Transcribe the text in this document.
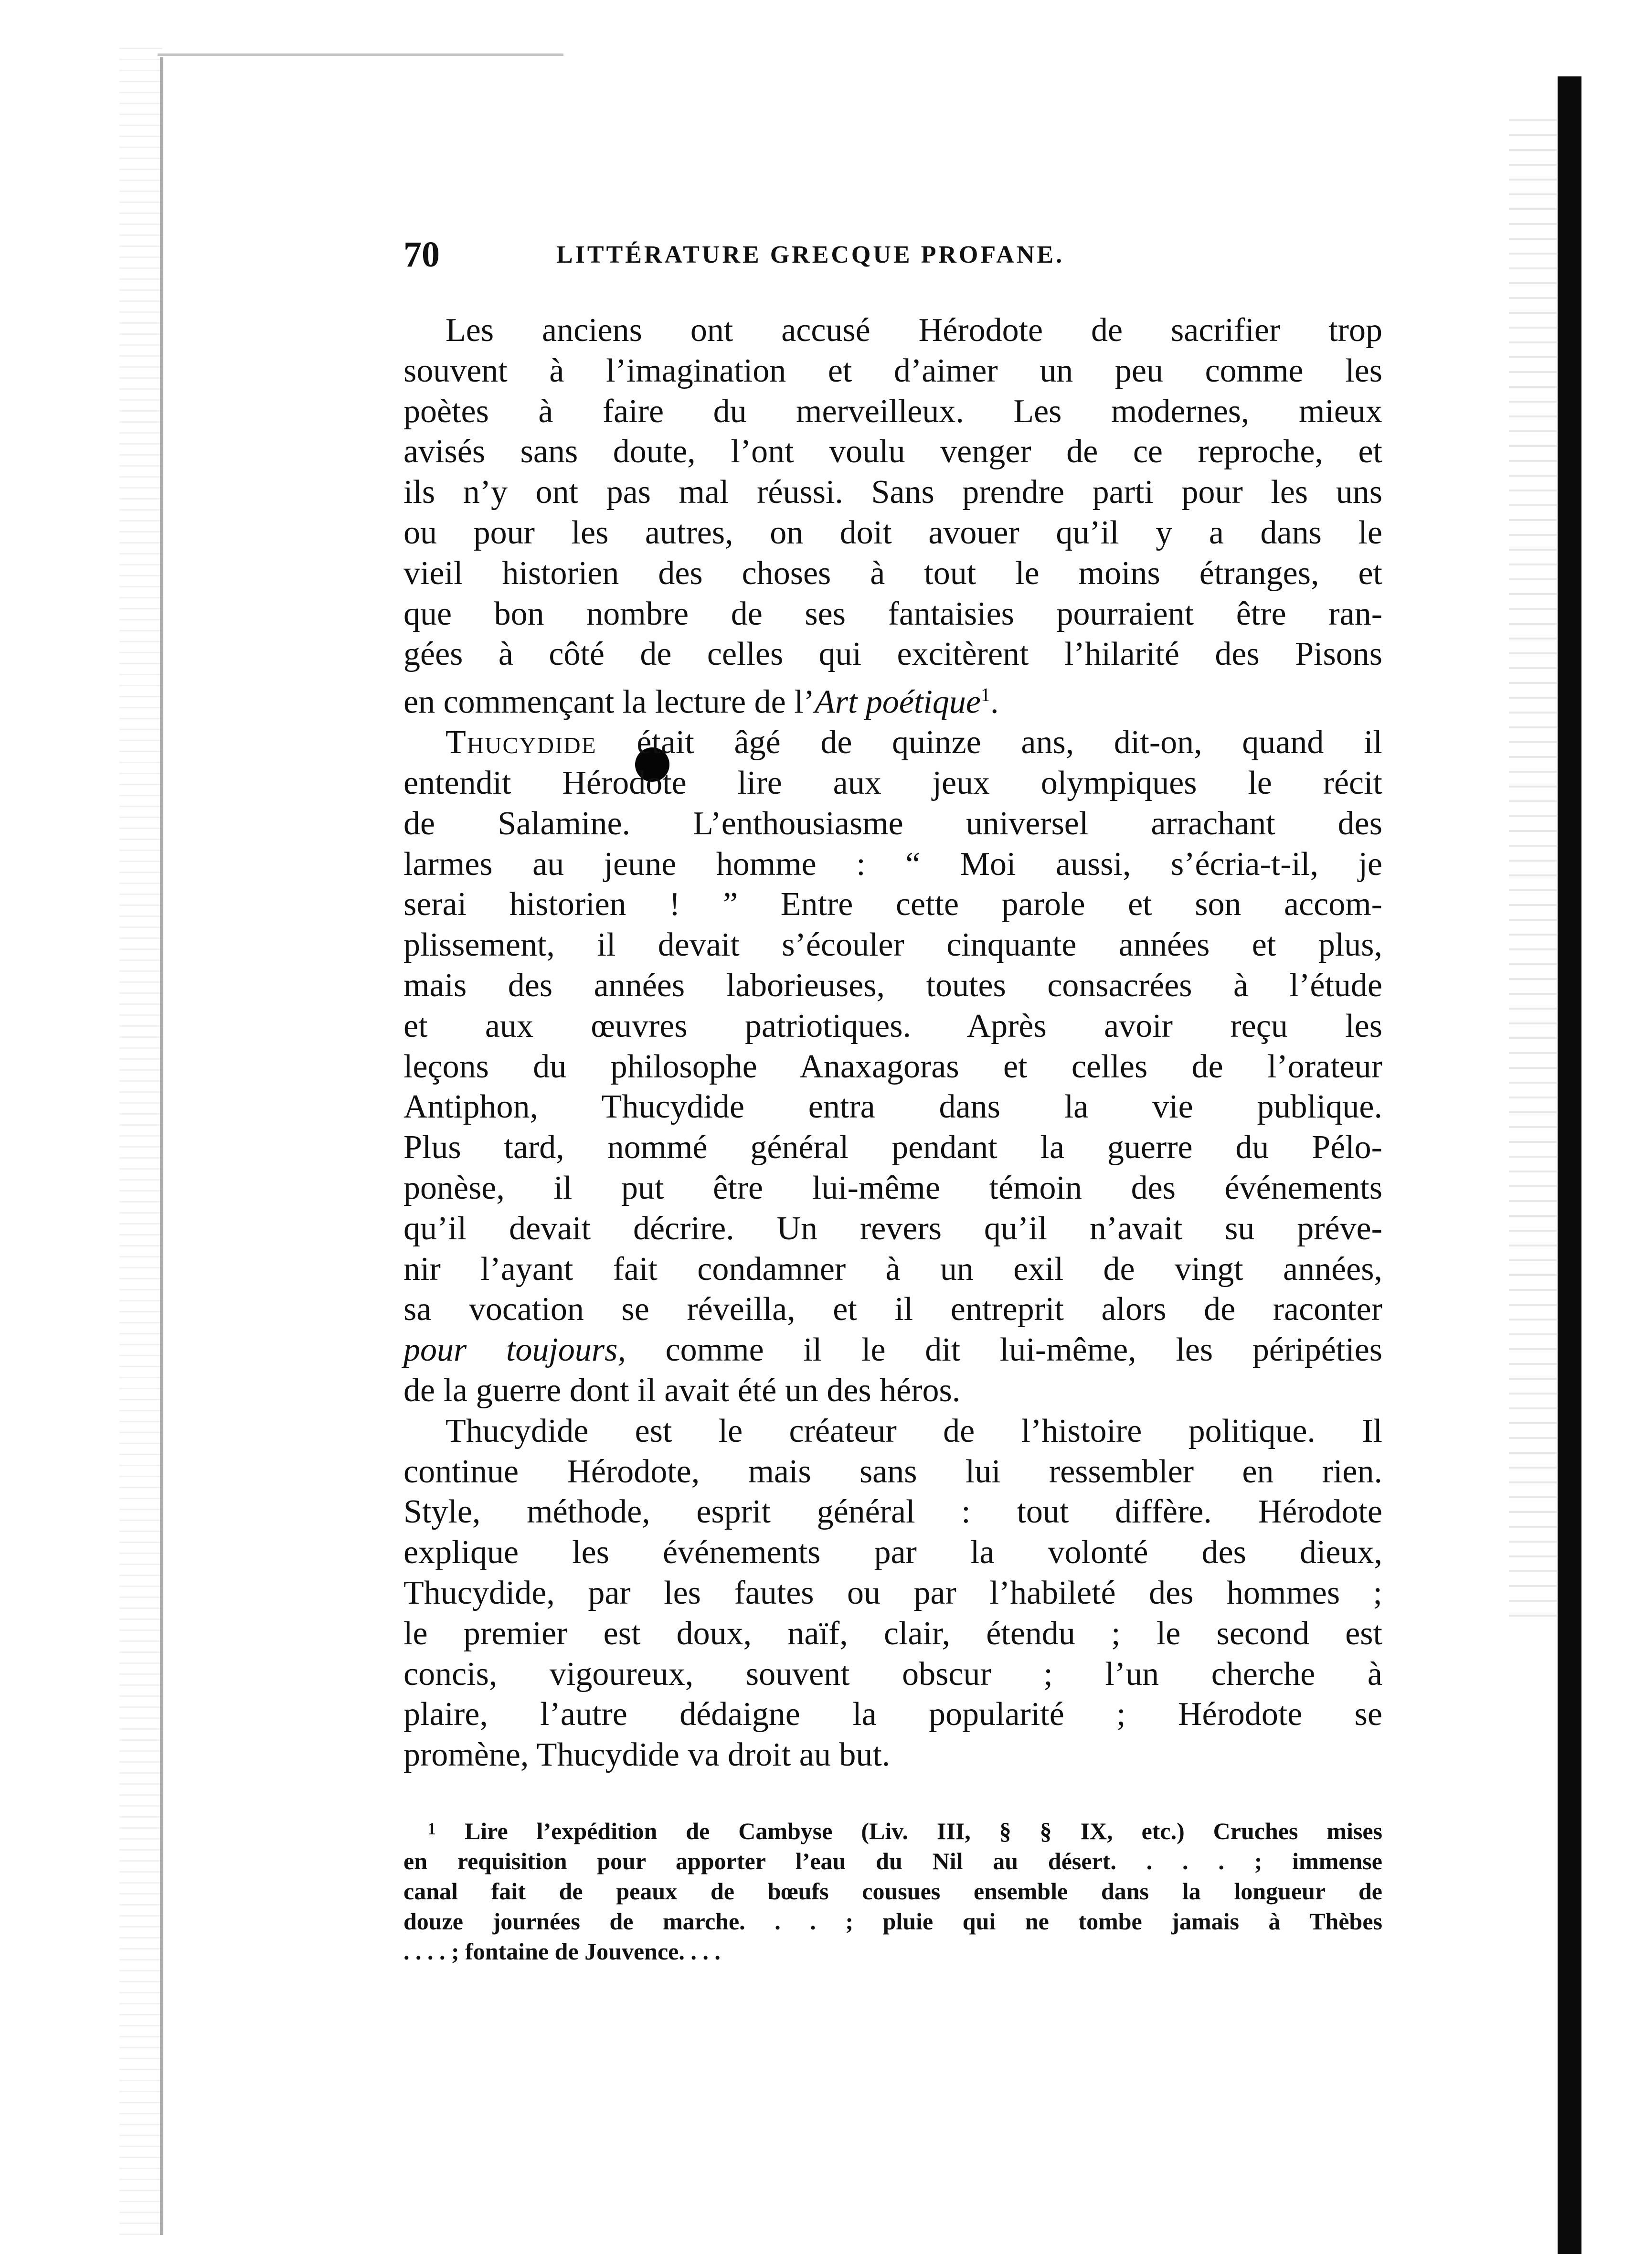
70	LITTÉRATURE GRECQUE PROFANE.

Les anciens ont accusé Hérodote de sacrifier trop
souvent à l’imagination et d’aimer un peu comme les
poètes à faire du merveilleux. Les modernes, mieux
avisés sans doute, l’ont voulu venger de ce reproche, et
ils n’y ont pas mal réussi. Sans prendre parti pour les uns
ou pour les autres, on doit avouer qu’il y a dans le
vieil historien des choses à tout le moins étranges, et
que bon nombre de ses fantaisies pourraient être ran-
gées à côté de celles qui excitèrent l’hilarité des Pisons
en commençant la lecture de l’Art poétique$^1$.

Thucydide était âgé de quinze ans, dit-on, quand il
entendit Hérodote lire aux jeux olympiques le récit
de Salamine. L’enthousiasme universel arrachant des
larmes au jeune homme : “ Moi aussi, s’écria-t-il, je
serai historien ! ” Entre cette parole et son accom-
plissement, il devait s’écouler cinquante années et plus,
mais des années laborieuses, toutes consacrées à l’étude
et aux œuvres patriotiques. Après avoir reçu les
leçons du philosophe Anaxagoras et celles de l’orateur
Antiphon, Thucydide entra dans la vie publique.
Plus tard, nommé général pendant la guerre du Pélo-
ponèse, il put être lui-même témoin des événements
qu’il devait décrire. Un revers qu’il n’avait su préve-
nir l’ayant fait condamner à un exil de vingt années,
sa vocation se réveilla, et il entreprit alors de raconter
pour toujours, comme il le dit lui-même, les péripéties
de la guerre dont il avait été un des héros.

Thucydide est le créateur de l’histoire politique. Il
continue Hérodote, mais sans lui ressembler en rien.
Style, méthode, esprit général : tout diffère. Hérodote
explique les événements par la volonté des dieux,
Thucydide, par les fautes ou par l’habileté des hommes ;
le premier est doux, naïf, clair, étendu ; le second est
concis, vigoureux, souvent obscur ; l’un cherche à
plaire, l’autre dédaigne la popularité ; Hérodote se
promène, Thucydide va droit au but.

$^1$ Lire l’expédition de Cambyse (Liv. III, § § IX, etc.) Cruches mises
en requisition pour apporter l’eau du Nil au désert. . . . ; immense
canal fait de peaux de bœufs cousues ensemble dans la longueur de
douze journées de marche. . . ; pluie qui ne tombe jamais à Thèbes
. . . . ; fontaine de Jouvence. . . .
